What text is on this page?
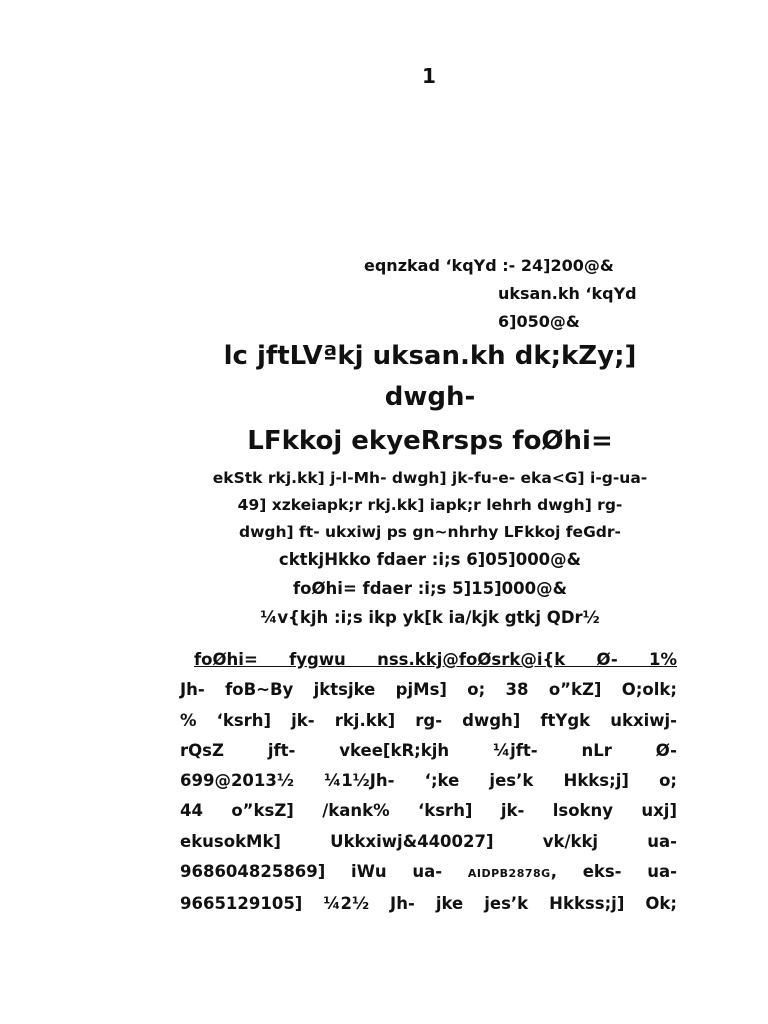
1
eqnzkad ‘kqYd :- 24]200@&
uksan.kh ‘kqYd
6]050@&
lc jftLVªkj uksan.kh dk;kZy;]
dwgh-
LFkkoj ekyeRrsps foØhi=
ekStk rkj.kk] j-l-Mh- dwgh] jk-fu-e- eka<G] i-g-ua-
49] xzkeiapk;r rkj.kk] iapk;r lehrh dwgh] rg-
dwgh] ft- ukxiwj ps gn~nhrhy LFkkoj feGdr-
cktkjHkko fdaer :i;s 6]05]000@&
foØhi= fdaer :i;s 5]15]000@&
¼v{kjh :i;s ikp yk[k ia/kjk gtkj QDr½
foØhi= fygwu nss.kkj@foØsrk@i{k Ø- 1%
Jh- foB~By jktsjke pjMs] o; 38 o”kZ] O;olk;
% ‘ksrh] jk- rkj.kk] rg- dwgh] ftYgk ukxiwj-
rQsZ jft- vkee[kR;kjh ¼jft- nLr Ø-
699@2013½ ¼1½Jh- ‘;ke jes’k Hkks;j] o;
44 o”ksZ] /kank% ‘ksrh] jk- lsokny uxj]
ekusokMk] Ukkxiwj&440027] vk/kkj ua-
968604825869] iWu ua- AIDPB2878G, eks- ua-
9665129105] ¼2½ Jh- jke jes’k Hkkss;j] Ok;
